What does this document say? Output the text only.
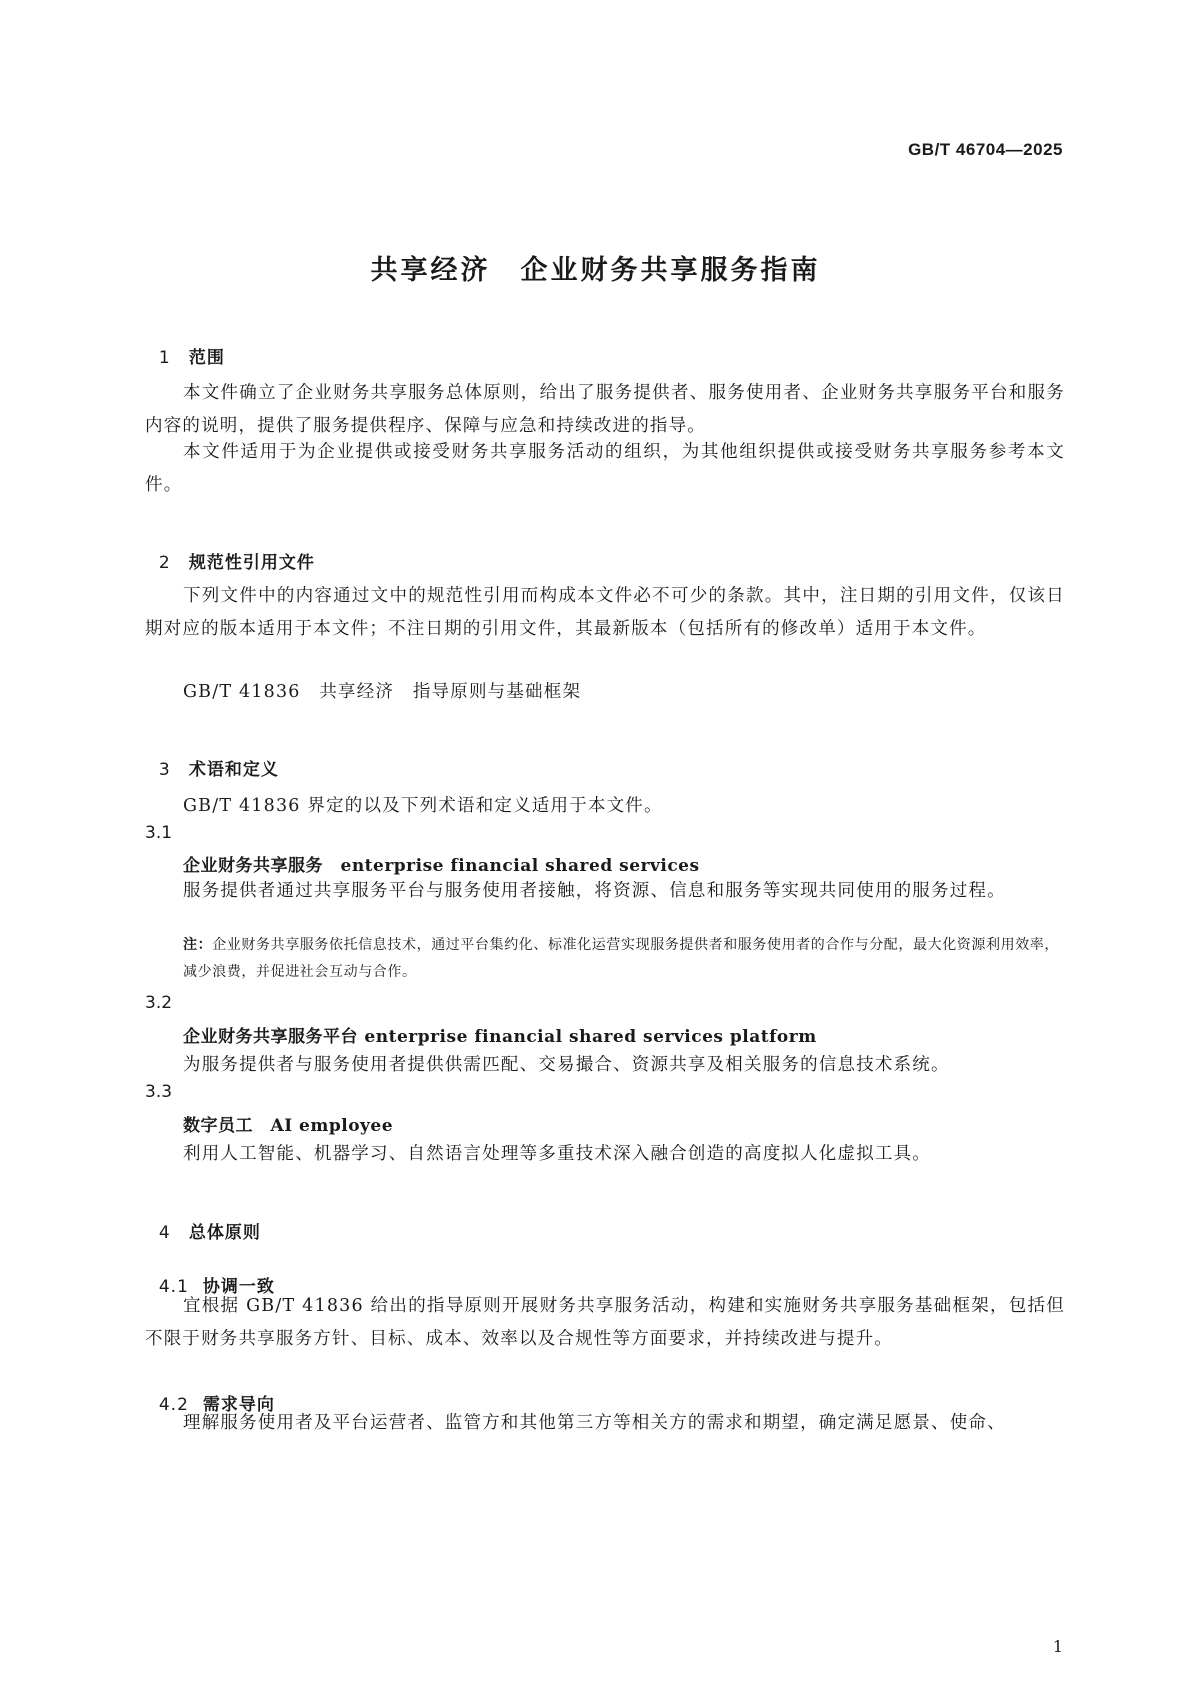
GB/T 46704—2025
共享经济　企业财务共享服务指南

1 范围

本文件确立了企业财务共享服务总体原则，给出了服务提供者、服务使用者、企业财务共享服务平台和服务内容的说明，提供了服务提供程序、保障与应急和持续改进的指导。
本文件适用于为企业提供或接受财务共享服务活动的组织，为其他组织提供或接受财务共享服务参考本文件。

2 规范性引用文件

下列文件中的内容通过文中的规范性引用而构成本文件必不可少的条款。其中，注日期的引用文件，仅该日期对应的版本适用于本文件；不注日期的引用文件，其最新版本（包括所有的修改单）适用于本文件。
GB/T 41836　共享经济　指导原则与基础框架

3 术语和定义

GB/T 41836 界定的以及下列术语和定义适用于本文件。
3.1
企业财务共享服务　enterprise financial shared services
服务提供者通过共享服务平台与服务使用者接触，将资源、信息和服务等实现共同使用的服务过程。
注：企业财务共享服务依托信息技术，通过平台集约化、标准化运营实现服务提供者和服务使用者的合作与分配，最大化资源利用效率，减少浪费，并促进社会互动与合作。
3.2
企业财务共享服务平台 enterprise financial shared services platform
为服务提供者与服务使用者提供供需匹配、交易撮合、资源共享及相关服务的信息技术系统。
3.3
数字员工　AI employee
利用人工智能、机器学习、自然语言处理等多重技术深入融合创造的高度拟人化虚拟工具。

4 总体原则

4.1 协调一致

宜根据 GB/T 41836 给出的指导原则开展财务共享服务活动，构建和实施财务共享服务基础框架，包括但不限于财务共享服务方针、目标、成本、效率以及合规性等方面要求，并持续改进与提升。

4.2 需求导向

理解服务使用者及平台运营者、监管方和其他第三方等相关方的需求和期望，确定满足愿景、使命、
1
